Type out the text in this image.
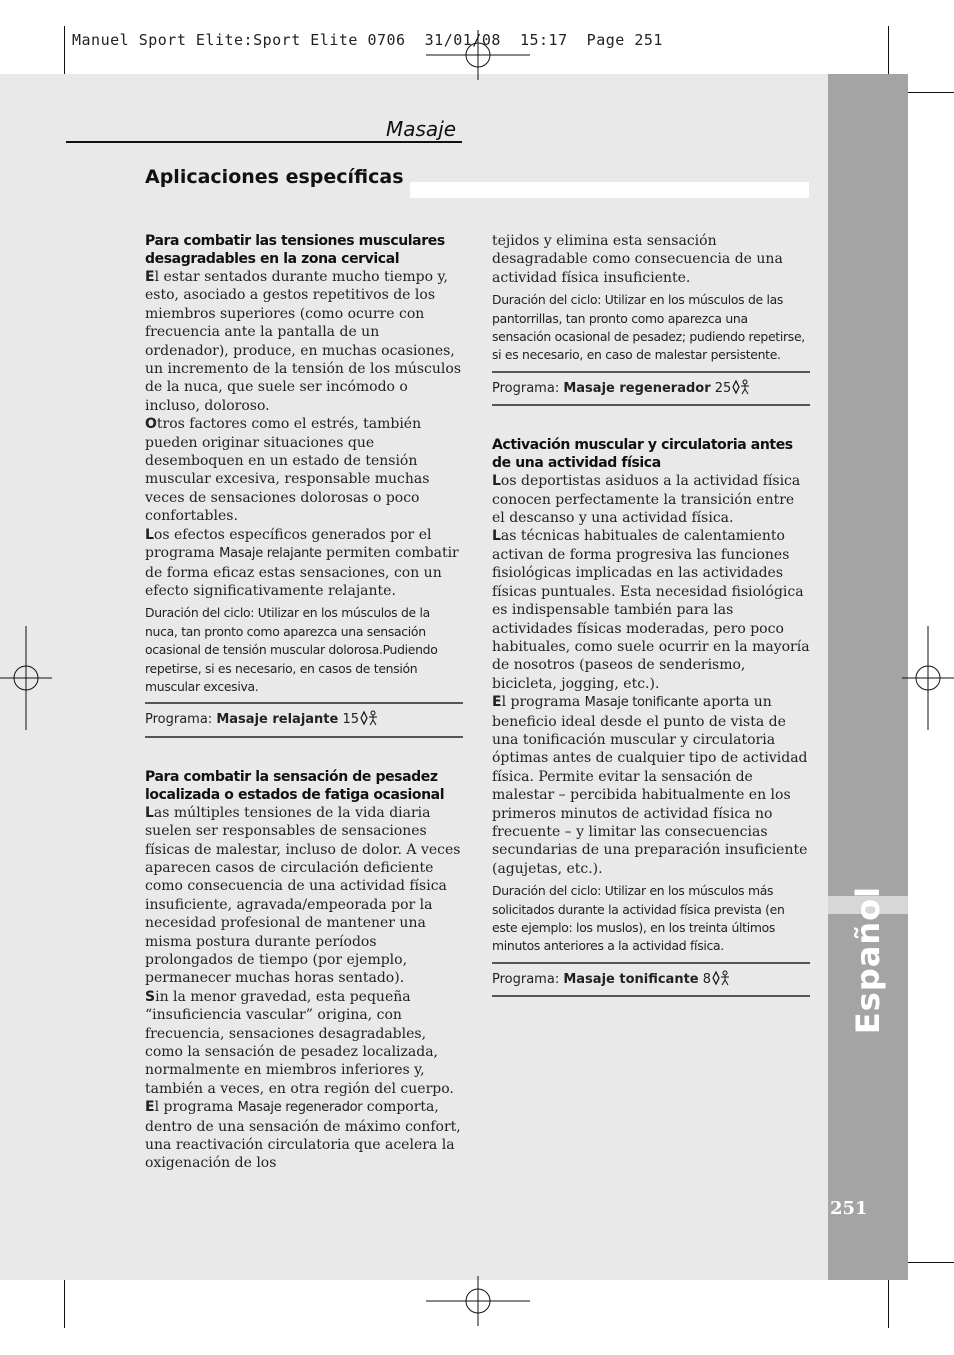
Español
251
Manuel Sport Elite:Sport Elite 0706  31/01/08  15:17  Page 251
Masaje
Aplicaciones específicas

Para combatir las tensiones musculares desagradables en la zona cervical

El estar sentados durante mucho tiempo y, esto, asociado a gestos repetitivos de los miembros superiores (como ocurre con frecuencia ante la pantalla de un ordenador), produce, en muchas ocasiones, un incremento de la tensión de los músculos de la nuca, que suele ser incómodo o incluso, doloroso.

Otros factores como el estrés, también pueden originar situaciones que desemboquen en un estado de tensión muscular excesiva, responsable muchas veces de sensaciones dolorosas o poco confortables.

Los efectos específicos generados por el programa Masaje relajante permiten combatir de forma eficaz estas sensaciones, con un efecto significativamente relajante.

Duración del ciclo: Utilizar en los músculos de la nuca, tan pronto como aparezca una sensación ocasional de tensión muscular dolorosa.Pudiendo repetirse, si es necesario, en casos de tensión muscular excesiva.

Programa: Masaje relajante 15

Para combatir la sensación de pesadez localizada o estados de fatiga ocasional

Las múltiples tensiones de la vida diaria suelen ser responsables de sensaciones físicas de malestar, incluso de dolor. A veces aparecen casos de circulación deficiente como consecuencia de una actividad física insuficiente, agravada/empeorada por la necesidad profesional de mantener una misma postura durante períodos prolongados de tiempo (por ejemplo, permanecer muchas horas sentado).

Sin la menor gravedad, esta pequeña “insuficiencia vascular” origina, con frecuencia, sensaciones desagradables, como la sensación de pesadez localizada, normalmente en miembros inferiores y, también a veces, en otra región del cuerpo.

El programa Masaje regenerador comporta, dentro de una sensación de máximo confort, una reactivación circulatoria que acelera la oxigenación de los

tejidos y elimina esta sensación desagradable como consecuencia de una actividad física insuficiente.

Duración del ciclo: Utilizar en los músculos de las pantorrillas, tan pronto como aparezca una sensación ocasional de pesadez; pudiendo repetirse, si es necesario, en caso de malestar persistente.

Programa: Masaje regenerador 25

Activación muscular y circulatoria antes de una actividad física

Los deportistas asiduos a la actividad física conocen perfectamente la transición entre el descanso y una actividad física.

Las técnicas habituales de calentamiento activan de forma progresiva las funciones fisiológicas implicadas en las actividades físicas puntuales. Esta necesidad fisiológica es indispensable también para las actividades físicas moderadas, pero poco habituales, como suele ocurrir en la mayoría de nosotros (paseos de senderismo, bicicleta, jogging, etc.).

El programa Masaje tonificante aporta un beneficio ideal desde el punto de vista de una tonificación muscular y circulatoria óptimas antes de cualquier tipo de actividad física. Permite evitar la sensación de malestar – percibida habitualmente en los primeros minutos de actividad física no frecuente – y limitar las consecuencias secundarias de una preparación insuficiente (agujetas, etc.).

Duración del ciclo: Utilizar en los músculos más solicitados durante la actividad física prevista (en este ejemplo: los muslos), en los treinta últimos minutos anteriores a la actividad física.

Programa: Masaje tonificante 8
